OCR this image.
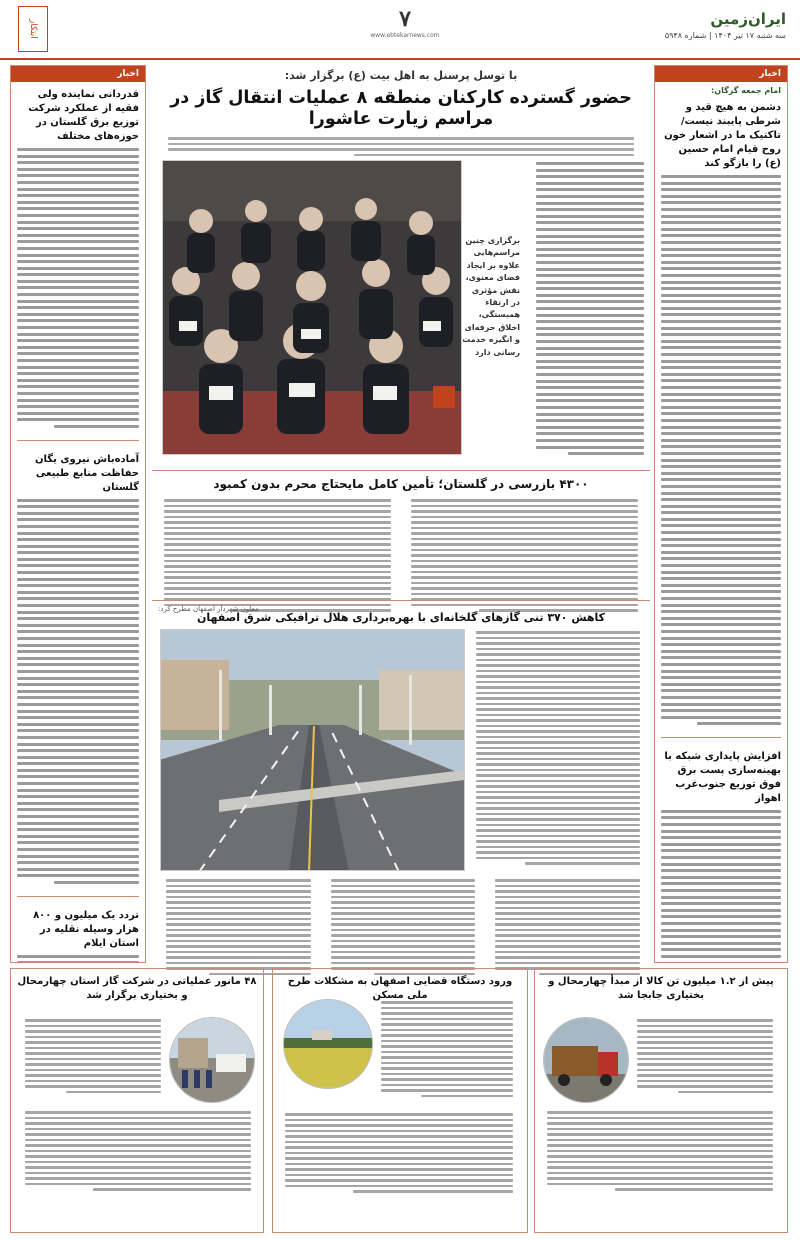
ایران‌زمین
سه شنبه ۱۷ تیر ۱۴۰۴ | شماره ۵۹۴۸
۷
www.ebtekarnews.com
ابتکار
اخبار
امام جمعه گرگان:
دشمن به هیچ قید و شرطی پایبند نیست/ تاکتیک ما در اشعار خون روح قیام امام حسین (ع) را بازگو کند
افزایش پایداری شبکه با بهینه‌سازی پست برق فوق توزیع جنوب‌غرب اهواز
اخبار
قدردانی نماینده ولی فقیه از عملکرد شرکت توزیع برق گلستان در حوزه‌های مختلف
آماده‌باش نیروی یگان حفاظت منابع طبیعی گلستان
تردد یک میلیون و ۸۰۰ هزار وسیله نقلیه در استان ایلام
با توسل پرسنل به اهل بیت (ع) برگزار شد:
حضور گسترده کارکنان منطقه ۸ عملیات انتقال گاز در مراسم زیارت عاشورا
برگزاری چنین مراسم‌هایی علاوه بر ایجاد فضای معنوی، نقش مؤثری در ارتقاء همبستگی، اخلاق حرفه‌ای و انگیزه خدمت رسانی دارد
۴۳۰۰ بازرسی در گلستان؛ تأمین کامل مایحتاج محرم بدون کمبود
معاون شهردار اصفهان مطرح کرد:
کاهش ۳۷۰ تنی گازهای گلخانه‌ای با بهره‌برداری هلال ترافیکی شرق اصفهان
پیش از ۱.۲ میلیون تن کالا از مبدأ چهارمحال و بختیاری جابجا شد
ورود دستگاه قضایی اصفهان به مشکلات طرح ملی مسکن
۴۸ مانور عملیاتی در شرکت گاز استان چهارمحال و بختیاری برگزار شد
